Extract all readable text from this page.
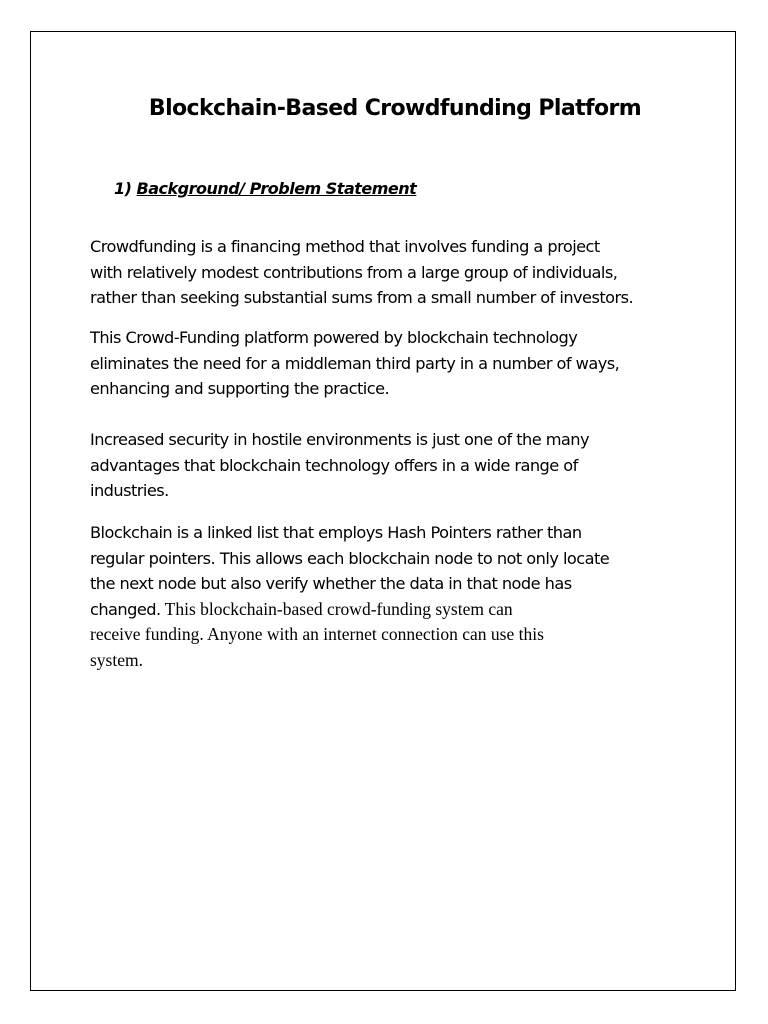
Blockchain-Based Crowdfunding Platform
1) Background/ Problem Statement

Crowdfunding is a financing method that involves funding a project
with relatively modest contributions from a large group of individuals,
rather than seeking substantial sums from a small number of investors.

This Crowd-Funding platform powered by blockchain technology
eliminates the need for a middleman third party in a number of ways,
enhancing and supporting the practice.

Increased security in hostile environments is just one of the many
advantages that blockchain technology offers in a wide range of
industries.

Blockchain is a linked list that employs Hash Pointers rather than
regular pointers. This allows each blockchain node to not only locate
the next node but also verify whether the data in that node has
changed. This blockchain-based crowd-funding system can
receive funding. Anyone with an internet connection can use this
system.
